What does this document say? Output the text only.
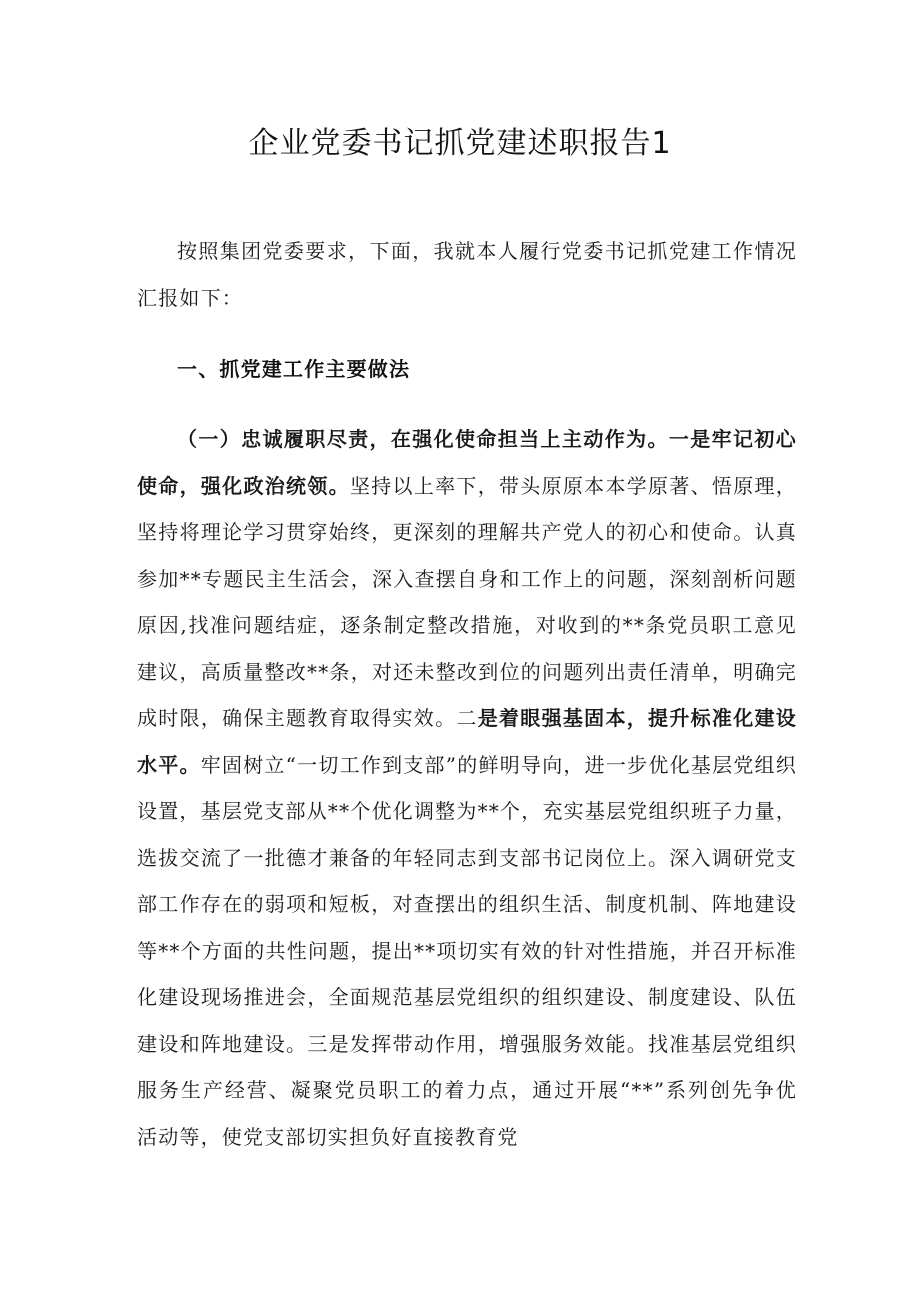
企业党委书记抓党建述职报告1

按照集团党委要求，下面，我就本人履行党委书记抓党建工作情况汇报如下：

一、抓党建工作主要做法

（一）忠诚履职尽责，在强化使命担当上主动作为。一是牢记初心使命，强化政治统领。坚持以上率下，带头原原本本学原著、悟原理，坚持将理论学习贯穿始终，更深刻的理解共产党人的初心和使命。认真参加**专题民主生活会，深入查摆自身和工作上的问题，深刻剖析问题原因,找准问题结症，逐条制定整改措施，对收到的**条党员职工意见建议，高质量整改**条，对还未整改到位的问题列出责任清单，明确完成时限，确保主题教育取得实效。二是着眼强基固本，提升标准化建设水平。牢固树立“一切工作到支部”的鲜明导向，进一步优化基层党组织设置，基层党支部从**个优化调整为**个，充实基层党组织班子力量，选拔交流了一批德才兼备的年轻同志到支部书记岗位上。深入调研党支部工作存在的弱项和短板，对查摆出的组织生活、制度机制、阵地建设等**个方面的共性问题，提出**项切实有效的针对性措施，并召开标准化建设现场推进会，全面规范基层党组织的组织建设、制度建设、队伍建设和阵地建设。三是发挥带动作用，增强服务效能。找准基层党组织服务生产经营、凝聚党员职工的着力点，通过开展“**”系列创先争优活动等，使党支部切实担负好直接教育党
